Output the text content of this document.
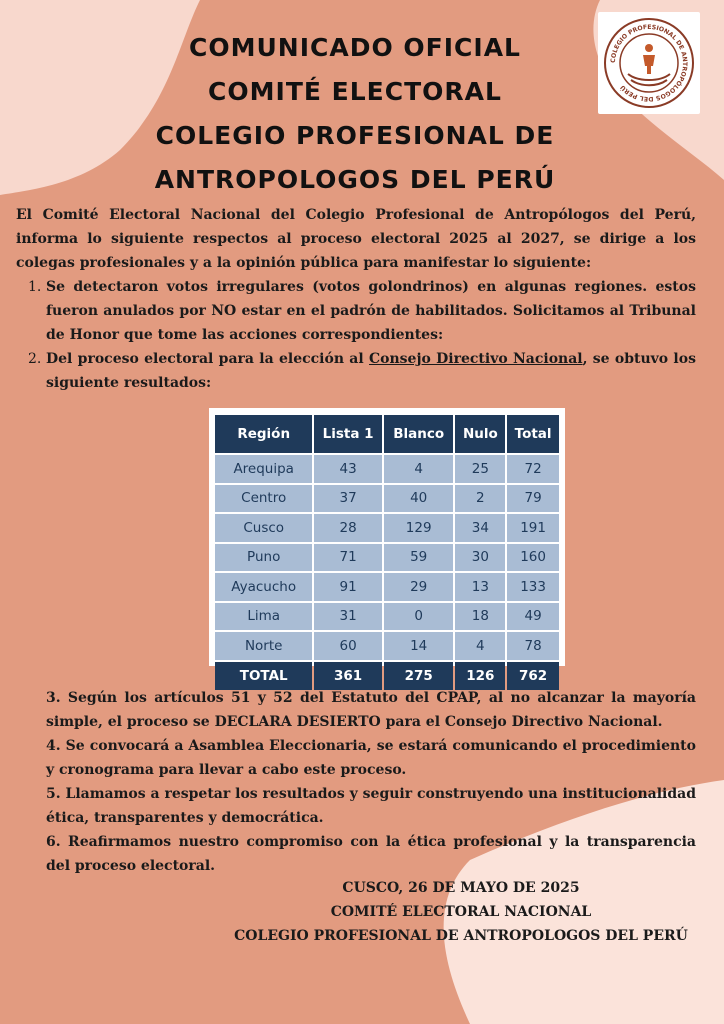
COMUNICADO OFICIAL
COMITÉ ELECTORAL
COLEGIO PROFESIONAL DE
ANTROPOLOGOS DEL PERÚ
COLEGIO PROFESIONAL DE ANTROPÓLOGOS DEL PERÚ

El Comité Electoral Nacional del Colegio Profesional de Antropólogos del Perú, informa lo siguiente respectos al proceso electoral 2025 al 2027, se dirige a los colegas profesionales y a la opinión pública para manifestar lo siguiente:

1. Se detectaron votos irregulares (votos golondrinos) en algunas regiones. estos fueron anulados por NO estar en el padrón de habilitados. Solicitamos al Tribunal de Honor que tome las acciones correspondientes:
2. Del proceso electoral para la elección al Consejo Directivo Nacional, se obtuvo los siguiente resultados:
Región	Lista 1	Blanco	Nulo	Total
Arequipa	43	4	25	72
Centro	37	40	2	79
Cusco	28	129	34	191
Puno	71	59	30	160
Ayacucho	91	29	13	133
Lima	31	0	18	49
Norte	60	14	4	78
TOTAL	361	275	126	762

3. Según los artículos 51 y 52 del Estatuto del CPAP, al no alcanzar la mayoría simple, el proceso se DECLARA DESIERTO para el Consejo Directivo Nacional.

4. Se convocará a Asamblea Eleccionaria, se estará comunicando el procedimiento y cronograma para llevar a cabo este proceso.

5. Llamamos a respetar los resultados y seguir construyendo una institucionalidad ética, transparentes y democrática.

6. Reafirmamos nuestro compromiso con la ética profesional y la transparencia del proceso electoral.

CUSCO, 26 DE MAYO DE 2025

COMITÉ ELECTORAL NACIONAL

COLEGIO PROFESIONAL DE ANTROPOLOGOS DEL PERÚ
